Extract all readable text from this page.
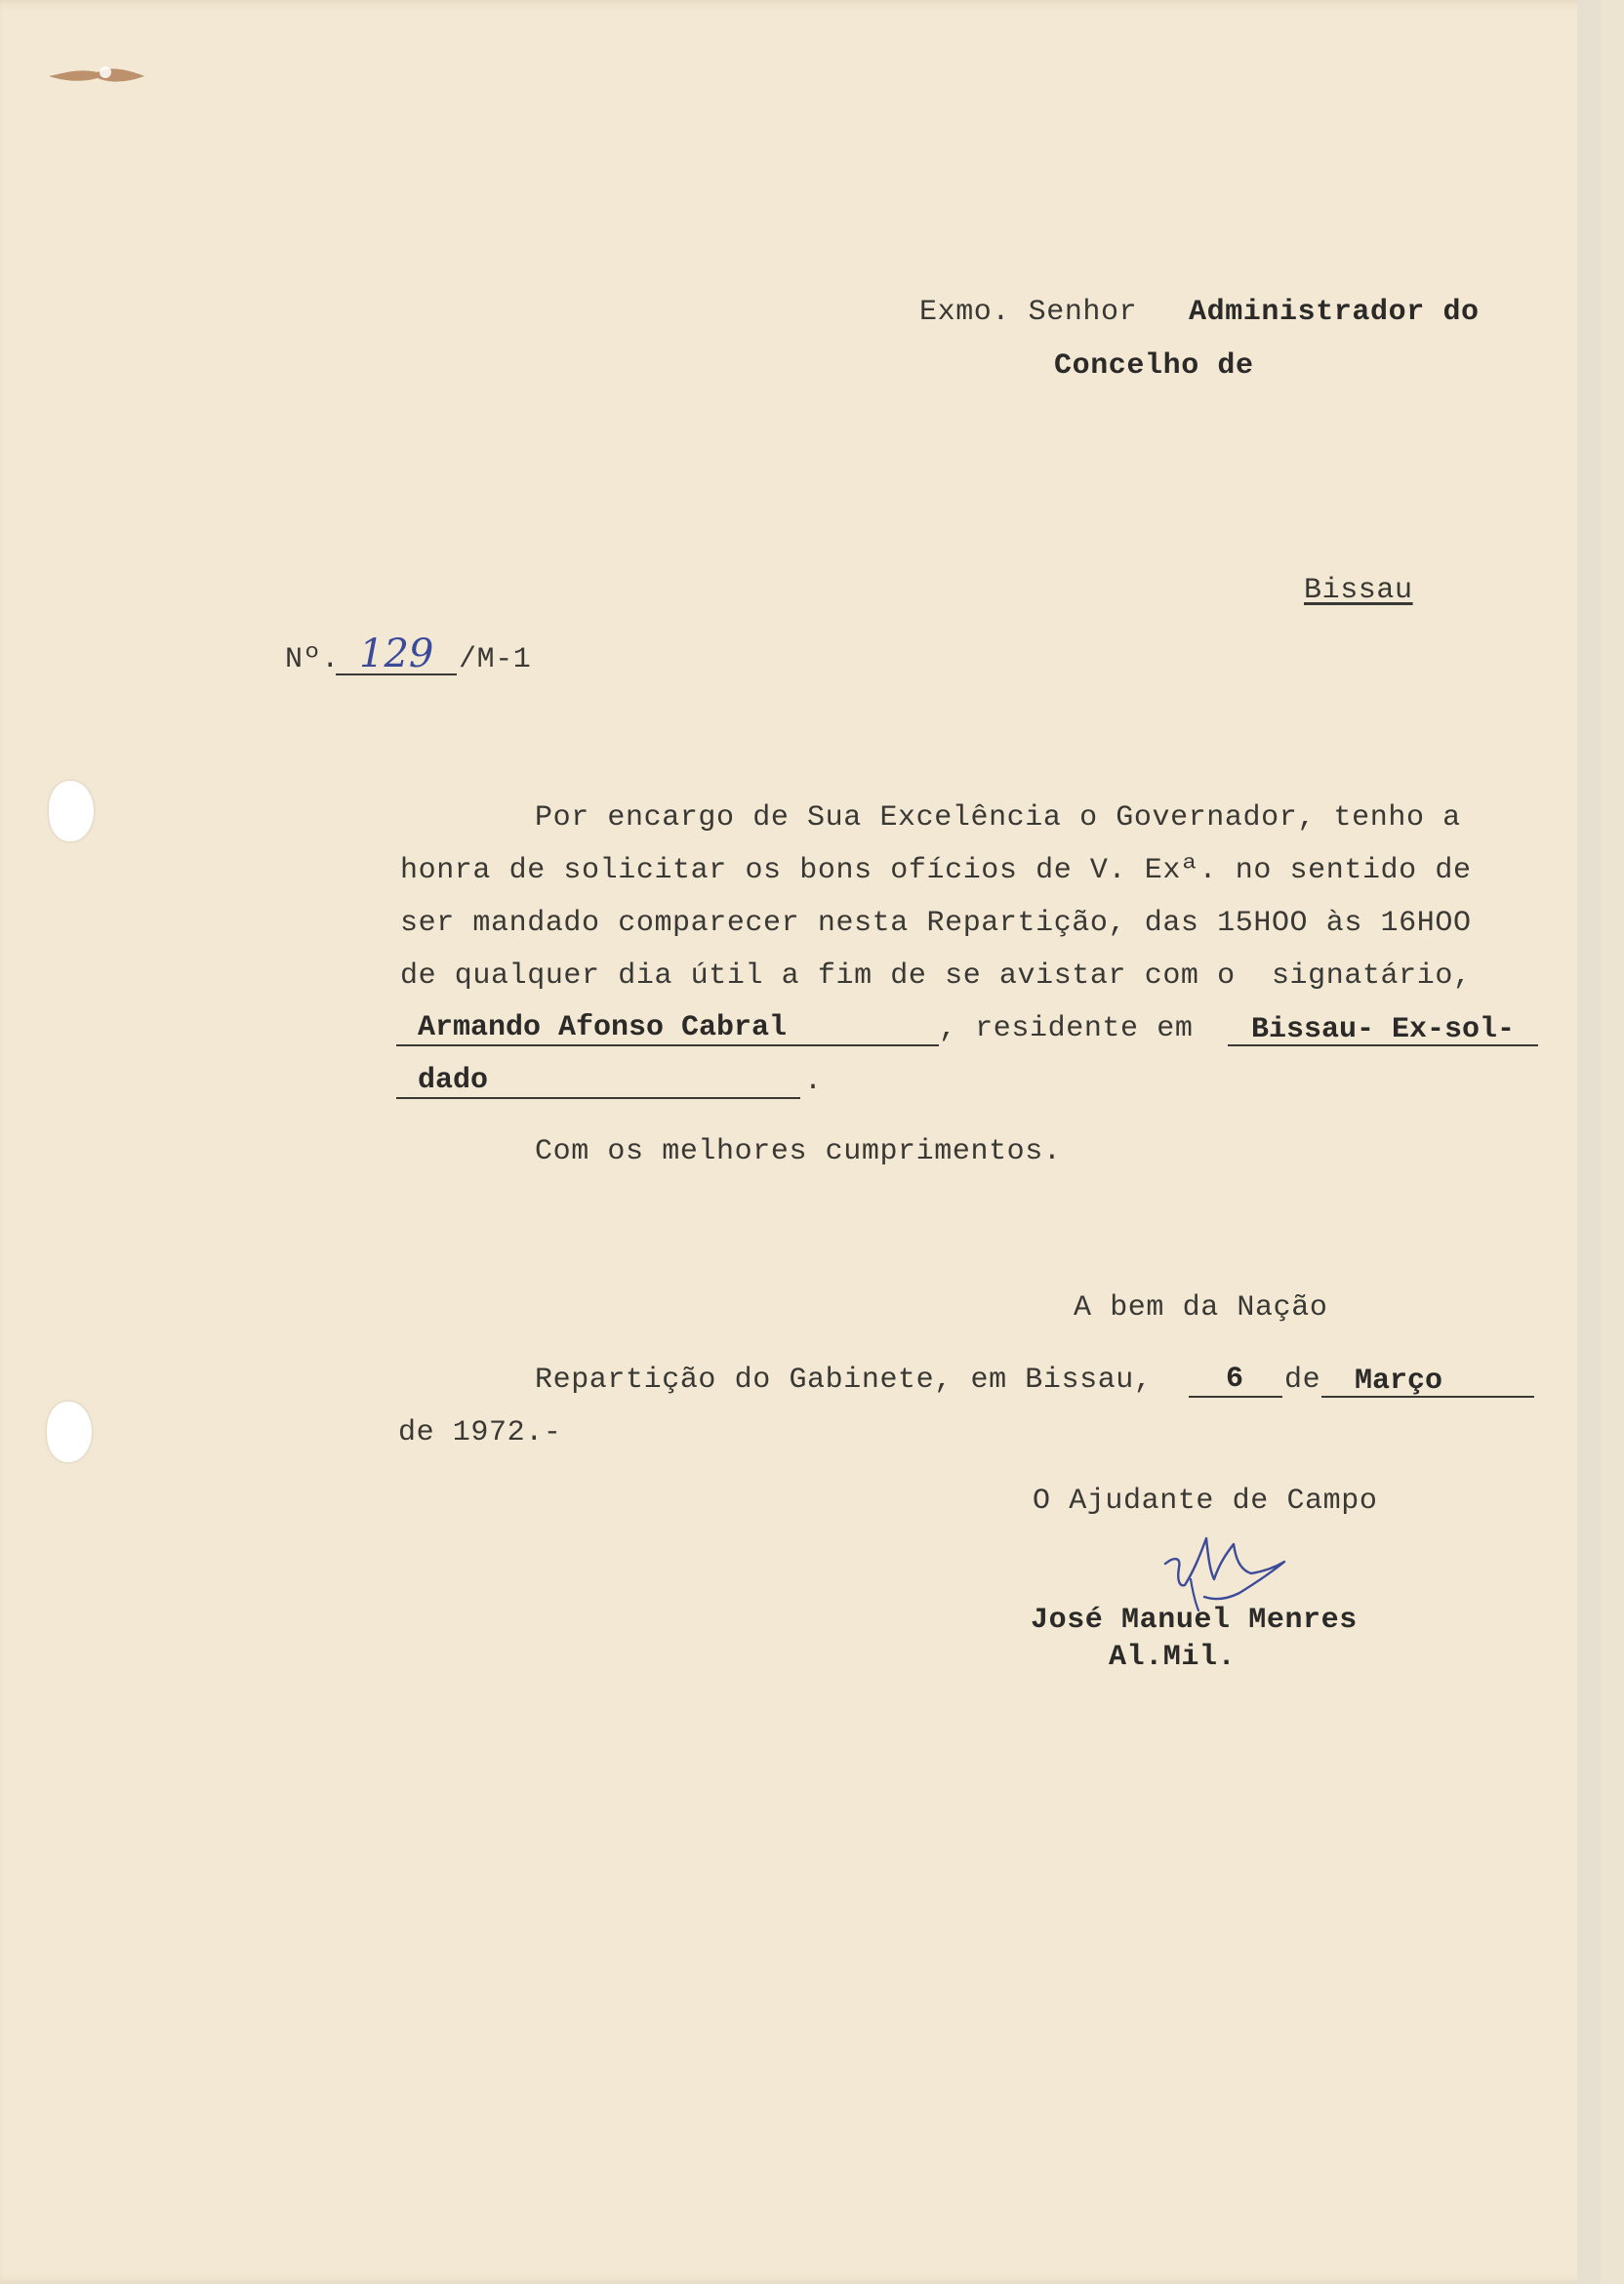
Exmo. Senhor Administrador do
Concelho de
Bissau
Nº. 129 /M-1
Por encargo de Sua Excelência o Governador, tenho a
honra de solicitar os bons ofícios de V. Exª. no sentido de
ser mandado comparecer nesta Repartição, das 15HOO às 16HOO
de qualquer dia útil a fim de se avistar com o  signatário,
Armando Afonso Cabral	, residente em Bissau- Ex-sol-
dado	.
Com os melhores cumprimentos.
A bem da Nação
Repartição do Gabinete, em Bissau,	6 de Março
de 1972.-
O Ajudante de Campo
José Manuel Menres
Al.Mil.
